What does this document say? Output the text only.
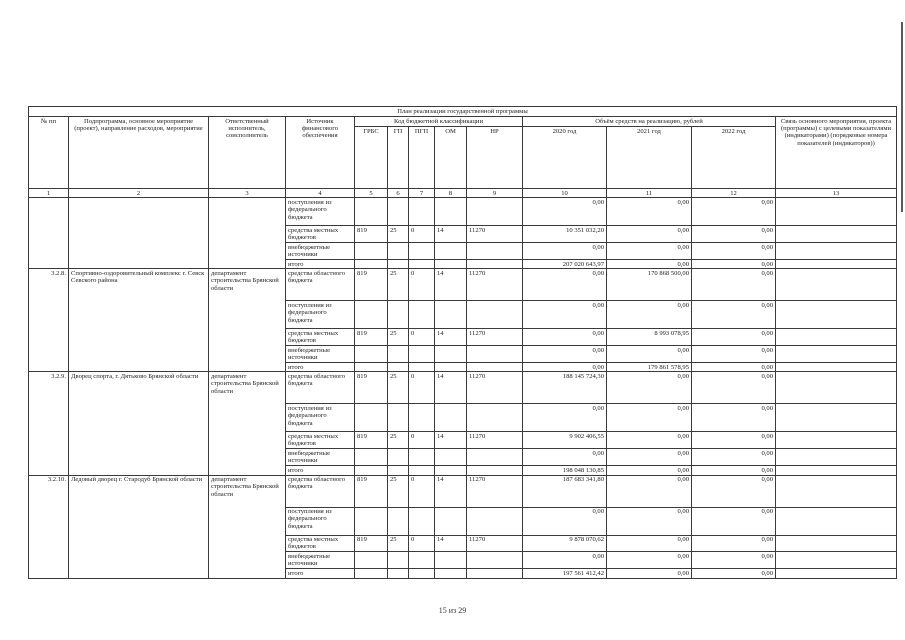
План реализации государственной программы												
№ пп	Подпрограмма, основное мероприятие (проект), направление расходов, мероприятие	Ответственный исполнитель, соисполнитель	Источник финансового обеспечения	Код бюджетной классификации					Объём средств на реализацию, рублей			Связь основного мероприятия, проекта (программы) с целевыми показателями (индикаторами) (порядковые номера показателей (индикаторов))
				ГРБС	ГП	ПГП	ОМ	НР	2020 год	2021 год	2022 год	
1	2	3	4	5	6	7	8	9	10	11	12	13
			поступления из федерального бюджета						0,00	0,00	0,00	
			средства местных бюджетов	819	25	0	14	11270	10 351 032,20	0,00	0,00	
			внебюджетные источники						0,00	0,00	0,00	
			итого						207 020 643,97	0,00	0,00	
3.2.8.	Спортивно-оздоровительный комплекс г. Севск Севского района	департамент строительства Брянской области	средства областного бюджета	819	25	0	14	11270	0,00	170 868 500,00	0,00	
			поступления из федерального бюджета						0,00	0,00	0,00	
			средства местных бюджетов	819	25	0	14	11270	0,00	8 993 078,95	0,00	
			внебюджетные источники						0,00	0,00	0,00	
			итого						0,00	179 861 578,95	0,00	
3.2.9.	Дворец спорта, г. Дятьково Брянской области	департамент строительства Брянской области	средства областного бюджета	819	25	0	14	11270	188 145 724,30	0,00	0,00	
			поступления из федерального бюджета						0,00	0,00	0,00	
			средства местных бюджетов	819	25	0	14	11270	9 902 406,55	0,00	0,00	
			внебюджетные источники						0,00	0,00	0,00	
			итого						198 048 130,85	0,00	0,00	
3.2.10.	Ледовый дворец г. Стародуб Брянской области	департамент строительства Брянской области	средства областного бюджета	819	25	0	14	11270	187 683 341,80	0,00	0,00	
			поступления из федерального бюджета						0,00	0,00	0,00	
			средства местных бюджетов	819	25	0	14	11270	9 878 070,62	0,00	0,00	
			внебюджетные источники						0,00	0,00	0,00	
			итого						197 561 412,42	0,00	0,00	
15 из 29
